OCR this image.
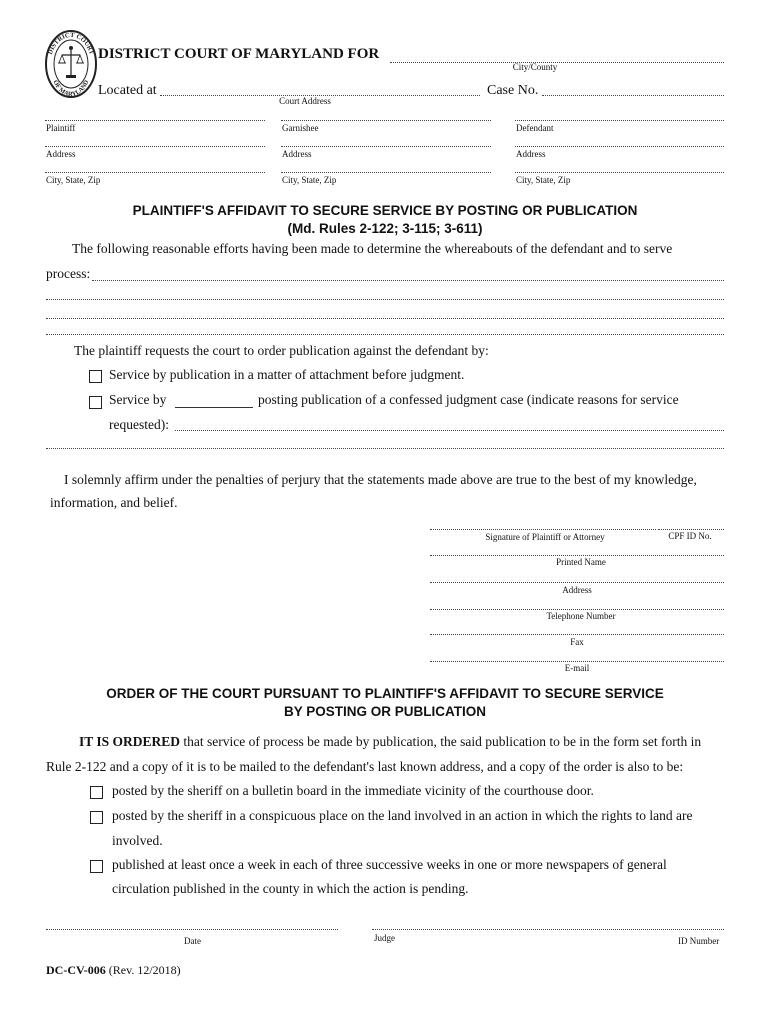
DISTRICT COURT
OF MARYLAND
DISTRICT COURT OF MARYLAND FOR
City/County
Located at
Court Address
Case No.
Plaintiff
Address
City, State, Zip
Garnishee
Address
City, State, Zip
Defendant
Address
City, State, Zip
PLAINTIFF'S AFFIDAVIT TO SECURE SERVICE BY POSTING OR PUBLICATION
(Md. Rules 2-122; 3-115; 3-611)
The following reasonable efforts having been made to determine the whereabouts of the defendant and to serve
process:
The plaintiff requests the court to order publication against the defendant by:
Service by publication in a matter of attachment before judgment.
Service by	posting publication of a confessed judgment case (indicate reasons for service
requested):
I solemnly affirm under the penalties of perjury that the statements made above are true to the best of my knowledge,
information, and belief.
Signature of Plaintiff or Attorney	CPF ID No.
Printed Name
Address
Telephone Number
Fax
E-mail
ORDER OF THE COURT PURSUANT TO PLAINTIFF'S AFFIDAVIT TO SECURE SERVICE
BY POSTING OR PUBLICATION
IT IS ORDERED that service of process be made by publication, the said publication to be in the form set forth in
Rule 2-122 and a copy of it is to be mailed to the defendant's last known address, and a copy of the order is also to be:
posted by the sheriff on a bulletin board in the immediate vicinity of the courthouse door.
posted by the sheriff in a conspicuous place on the land involved in an action in which the rights to land are
involved.
published at least once a week in each of three successive weeks in one or more newspapers of general
circulation published in the county in which the action is pending.
Date	Judge	ID Number
DC-CV-006 (Rev. 12/2018)
